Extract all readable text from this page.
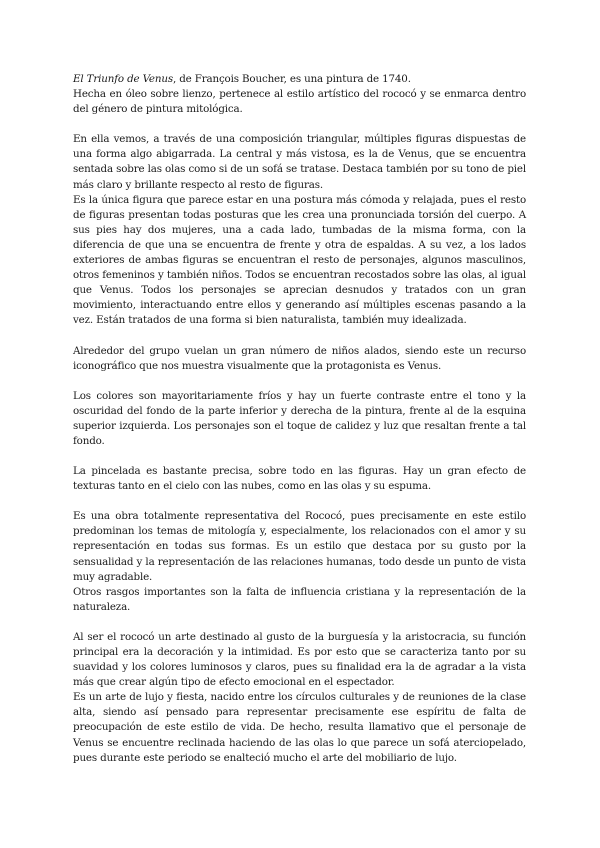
El Triunfo de Venus, de François Boucher, es una pintura de 1740.

Hecha en óleo sobre lienzo, pertenece al estilo artístico del rococó y se enmarca dentro del género de pintura mitológica.

En ella vemos, a través de una composición triangular, múltiples figuras dispuestas de una forma algo abigarrada. La central y más vistosa, es la de Venus, que se encuentra sentada sobre las olas como si de un sofá se tratase. Destaca también por su tono de piel más claro y brillante respecto al resto de figuras.

Es la única figura que parece estar en una postura más cómoda y relajada, pues el resto de figuras presentan todas posturas que les crea una pronunciada torsión del cuerpo. A sus pies hay dos mujeres, una a cada lado, tumbadas de la misma forma, con la diferencia de que una se encuentra de frente y otra de espaldas. A su vez, a los lados exteriores de ambas figuras se encuentran el resto de personajes, algunos masculinos, otros femeninos y también niños. Todos se encuentran recostados sobre las olas, al igual que Venus. Todos los personajes se aprecian desnudos y tratados con un gran movimiento, interactuando entre ellos y generando así múltiples escenas pasando a la vez. Están tratados de una forma si bien naturalista, también muy idealizada.

Alrededor del grupo vuelan un gran número de niños alados, siendo este un recurso iconográfico que nos muestra visualmente que la protagonista es Venus.

Los colores son mayoritariamente fríos y hay un fuerte contraste entre el tono y la oscuridad del fondo de la parte inferior y derecha de la pintura, frente al de la esquina superior izquierda. Los personajes son el toque de calidez y luz que resaltan frente a tal fondo.

La pincelada es bastante precisa, sobre todo en las figuras. Hay un gran efecto de texturas tanto en el cielo con las nubes, como en las olas y su espuma.

Es una obra totalmente representativa del Rococó, pues precisamente en este estilo predominan los temas de mitología y, especialmente, los relacionados con el amor y su representación en todas sus formas. Es un estilo que destaca por su gusto por la sensualidad y la representación de las relaciones humanas, todo desde un punto de vista muy agradable.

Otros rasgos importantes son la falta de influencia cristiana y la representación de la naturaleza.

Al ser el rococó un arte destinado al gusto de la burguesía y la aristocracia, su función principal era la decoración y la intimidad. Es por esto que se caracteriza tanto por su suavidad y los colores luminosos y claros, pues su finalidad era la de agradar a la vista más que crear algún tipo de efecto emocional en el espectador.

Es un arte de lujo y fiesta, nacido entre los círculos culturales y de reuniones de la clase alta, siendo así pensado para representar precisamente ese espíritu de falta de preocupación de este estilo de vida. De hecho, resulta llamativo que el personaje de Venus se encuentre reclinada haciendo de las olas lo que parece un sofá aterciopelado, pues durante este periodo se enalteció mucho el arte del mobiliario de lujo.
